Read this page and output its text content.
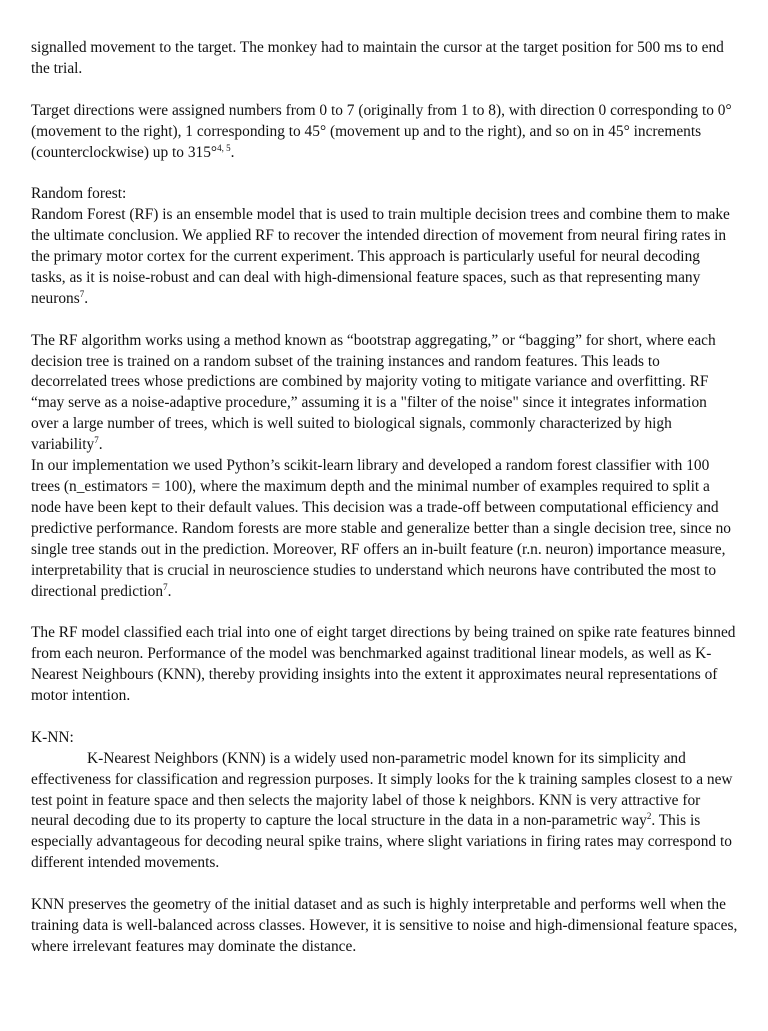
signalled movement to the target. The monkey had to maintain the cursor at the target position for 500 ms to end the trial.

Target directions were assigned numbers from 0 to 7 (originally from 1 to 8), with direction 0 corresponding to 0° (movement to the right), 1 corresponding to 45° (movement up and to the right), and so on in 45° increments (counterclockwise) up to 315°$^{4, 5}$.

Random forest:

Random Forest (RF) is an ensemble model that is used to train multiple decision trees and combine them to make the ultimate conclusion. We applied RF to recover the intended direction of movement from neural firing rates in the primary motor cortex for the current experiment. This approach is particularly useful for neural decoding tasks, as it is noise-robust and can deal with high-dimensional feature spaces, such as that representing many neurons$^7$.

The RF algorithm works using a method known as “bootstrap aggregating,” or “bagging” for short, where each decision tree is trained on a random subset of the training instances and random features. This leads to decorrelated trees whose predictions are combined by majority voting to mitigate variance and overfitting. RF “may serve as a noise-adaptive procedure,” assuming it is a "filter of the noise" since it integrates information over a large number of trees, which is well suited to biological signals, commonly characterized by high variability$^7$.

In our implementation we used Python’s scikit-learn library and developed a random forest classifier with 100 trees (n_estimators = 100), where the maximum depth and the minimal number of examples required to split a node have been kept to their default values. This decision was a trade-off between computational efficiency and predictive performance. Random forests are more stable and generalize better than a single decision tree, since no single tree stands out in the prediction. Moreover, RF offers an in-built feature (r.n. neuron) importance measure, interpretability that is crucial in neuroscience studies to understand which neurons have contributed the most to directional prediction$^7$.

The RF model classified each trial into one of eight target directions by being trained on spike rate features binned from each neuron. Performance of the model was benchmarked against traditional linear models, as well as K-Nearest Neighbours (KNN), thereby providing insights into the extent it approximates neural representations of motor intention.

K-NN:

K-Nearest Neighbors (KNN) is a widely used non-parametric model known for its simplicity and effectiveness for classification and regression purposes. It simply looks for the k training samples closest to a new test point in feature space and then selects the majority label of those k neighbors. KNN is very attractive for neural decoding due to its property to capture the local structure in the data in a non-parametric way$^2$. This is especially advantageous for decoding neural spike trains, where slight variations in firing rates may correspond to different intended movements.

KNN preserves the geometry of the initial dataset and as such is highly interpretable and performs well when the training data is well-balanced across classes. However, it is sensitive to noise and high-dimensional feature spaces, where irrelevant features may dominate the distance.
